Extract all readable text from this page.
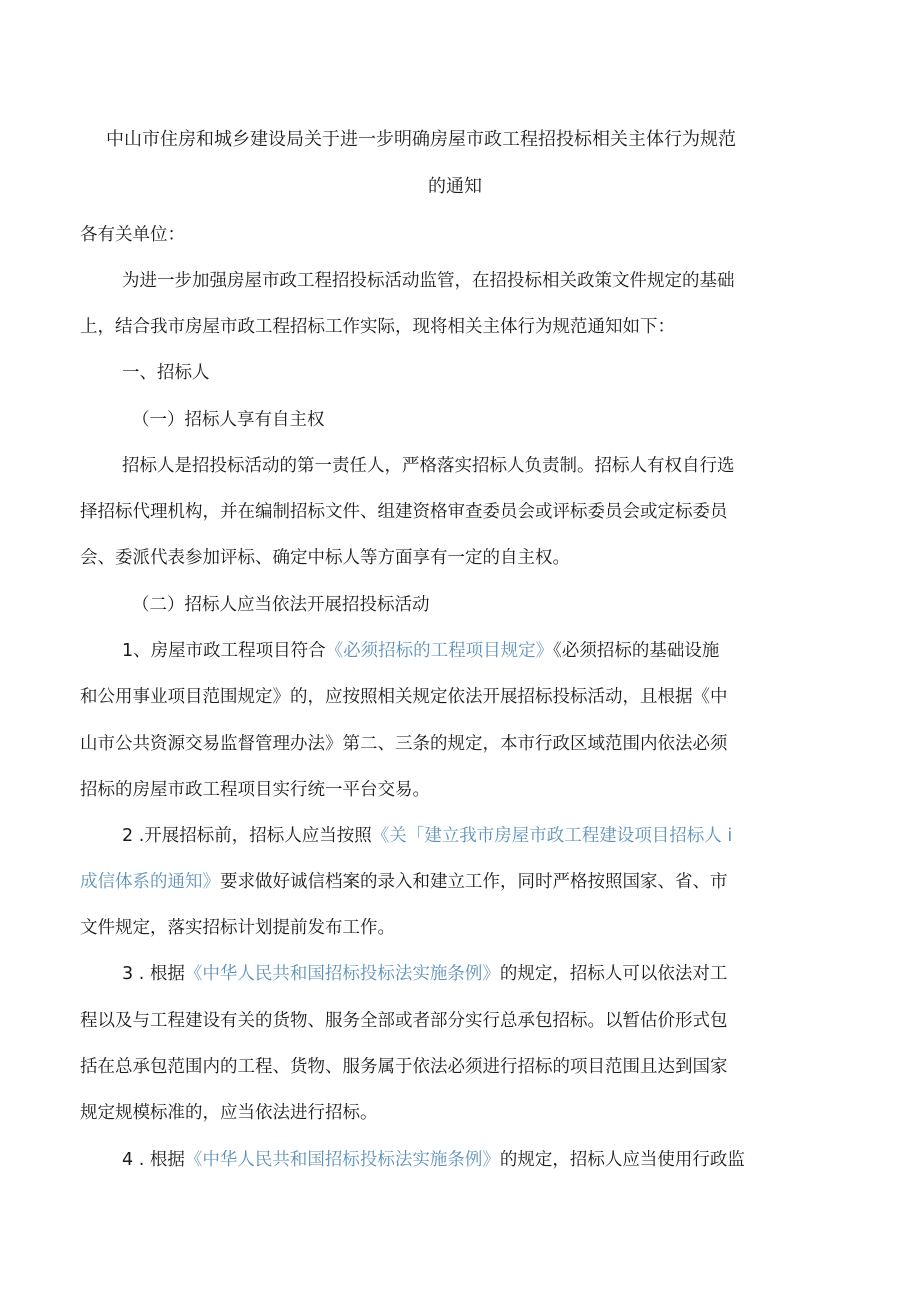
中山市住房和城乡建设局关于进一步明确房屋市政工程招投标相关主体行为规范
的通知
各有关单位：
为进一步加强房屋市政工程招投标活动监管，在招投标相关政策文件规定的基础
上，结合我市房屋市政工程招标工作实际，现将相关主体行为规范通知如下：
一、招标人
（一）招标人享有自主权
招标人是招投标活动的第一责任人，严格落实招标人负责制。招标人有权自行选
择招标代理机构，并在编制招标文件、组建资格审查委员会或评标委员会或定标委员
会、委派代表参加评标、确定中标人等方面享有一定的自主权。
（二）招标人应当依法开展招投标活动
1、房屋市政工程项目符合《必须招标的工程项目规定》《必须招标的基础设施
和公用事业项目范围规定》的，应按照相关规定依法开展招标投标活动，且根据《中
山市公共资源交易监督管理办法》第二、三条的规定，本市行政区域范围内依法必须
招标的房屋市政工程项目实行统一平台交易。
2 .开展招标前，招标人应当按照《关「建立我市房屋市政工程建设项目招标人 i
成信体系的通知》要求做好诚信档案的录入和建立工作，同时严格按照国家、省、市
文件规定，落实招标计划提前发布工作。
3 . 根据《中华人民共和国招标投标法实施条例》的规定，招标人可以依法对工
程以及与工程建设有关的货物、服务全部或者部分实行总承包招标。以暂估价形式包
括在总承包范围内的工程、货物、服务属于依法必须进行招标的项目范围且达到国家
规定规模标准的，应当依法进行招标。
4 . 根据《中华人民共和国招标投标法实施条例》的规定，招标人应当使用行政监
